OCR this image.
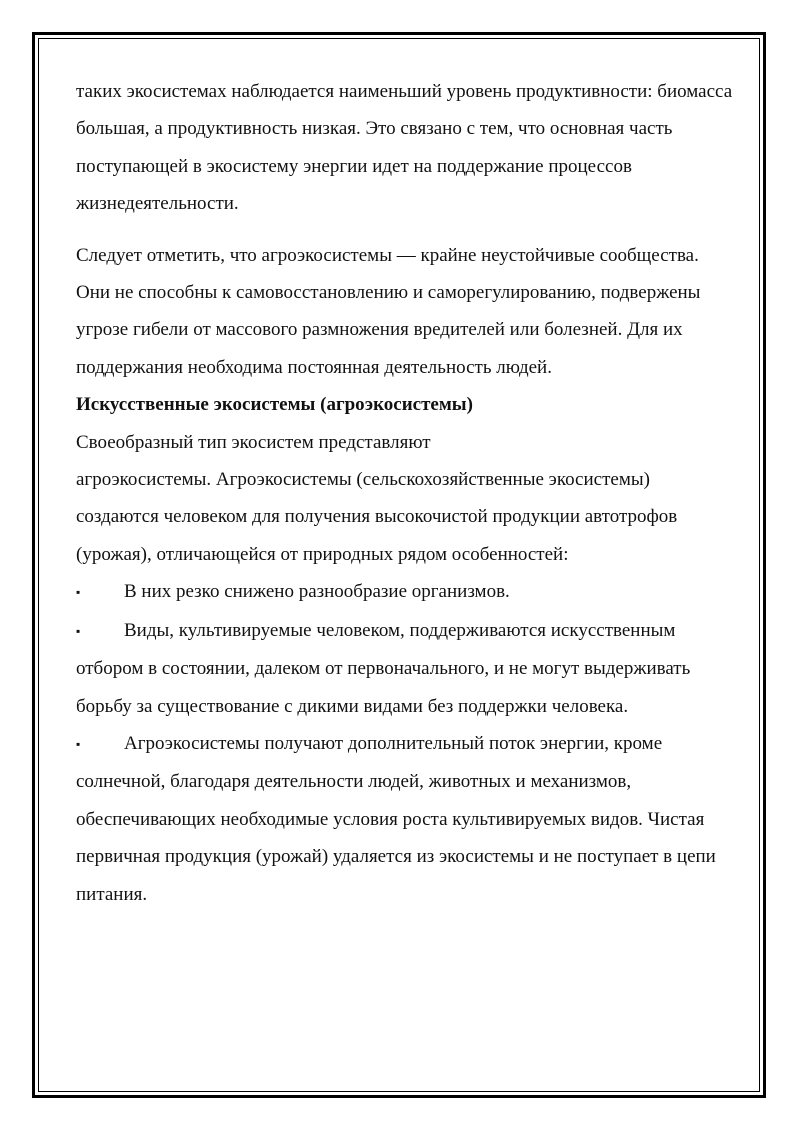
таких экосистемах наблюдается наименьший уровень продуктивности: биомасса большая, а продуктивность низкая. Это связано с тем, что основная часть поступающей в экосистему энергии идет на поддержание процессов жизнедеятельности.

Следует отметить, что агроэкосистемы — крайне неустойчивые сообщества. Они не способны к самовосстановлению и саморегулированию, подвержены угрозе гибели от массового размножения вредителей или болезней. Для их поддержания необходима постоянная деятельность людей.

Искусственные экосистемы (агроэкосистемы)

Своеобразный тип экосистем представляют

агроэкосистемы. Агроэкосистемы (сельскохозяйственные экосистемы) создаются человеком для получения высокочистой продукции автотрофов (урожая), отличающейся от природных рядом особенностей:

▪ В них резко снижено разнообразие организмов.

▪ Виды, культивируемые человеком, поддерживаются искусственным отбором в состоянии, далеком от первоначального, и не могут выдерживать борьбу за существование с дикими видами без поддержки человека.

▪ Агроэкосистемы получают дополнительный поток энергии, кроме солнечной, благодаря деятельности людей, животных и механизмов, обеспечивающих необходимые условия роста культивируемых видов. Чистая первичная продукция (урожай) удаляется из экосистемы и не поступает в цепи питания.
